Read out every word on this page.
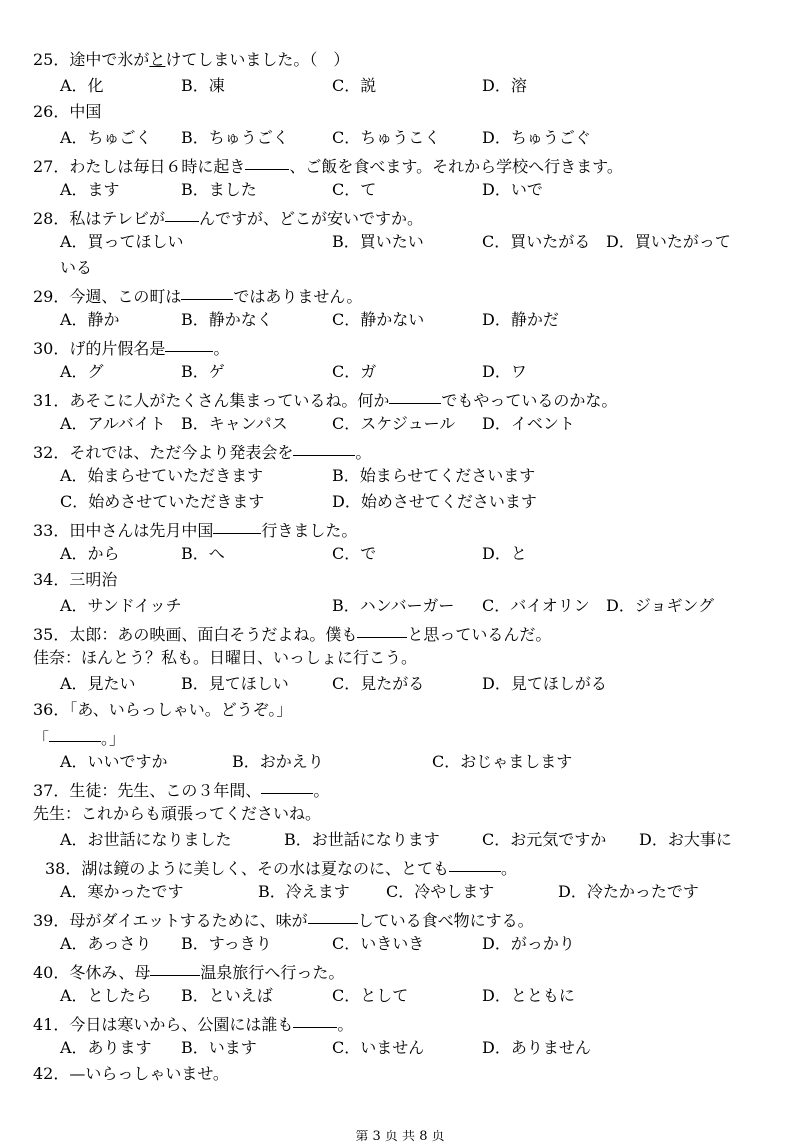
25．途中で氷がとけてしまいました。（　）
A．化	B．凍	C．説	D．溶
26．中国
A．ちゅごく B．ちゅうごく	C．ちゅうこく	D．ちゅうごぐ
27．わたしは毎日６時に起き	、ご飯を食べます。それから学校へ行きます。
A．ます	B．ました	C．て	D．いで
28．私はテレビが んですが、どこが安いですか。
A．買ってほしい	B．買いたい	C．買いたがる D．買いたがって
いる
29．今週、この町は	ではありません。
A．静か	B．静かなく	C．静かない	D．静かだ
30．げ的片假名是	。
A．グ	B．ゲ	C．ガ	D．ワ
31．あそこに人がたくさん集まっているね。何か	でもやっているのかな。
A．アルバイト B．キャンパス	C．スケジュール D．イベント
32．それでは、ただ今より発表会を	。
A．始まらせていただきます	B．始まらせてくださいます
C．始めさせていただきます	D．始めさせてくださいます
33．田中さんは先月中国	行きました。
A．から	B．へ	C．で	D．と
34．三明治
A．サンドイッチ	B．ハンバーガー C．バイオリン D．ジョギング
35．太郎：あの映画、面白そうだよね。僕も	と思っているんだ。
佳奈：ほんとう？私も。日曜日、いっしょに行こう。
A．見たい	B．見てほしい	C．見たがる	D．見てほしがる
36．「あ、いらっしゃい。どうぞ。」
「	。」
A．いいですか	B．おかえり	C．おじゃまします
37．生徒：先生、この３年間、	。
先生：これからも頑張ってくださいね。
A．お世話になりました	B．お世話になります	C．お元気ですか D．お大事に
38．湖は鏡のように美しく、その水は夏なのに、とても	。
A．寒かったです	B．冷えます C．冷やします	D．冷たかったです
39．母がダイエットするために、味が	している食べ物にする。
A．あっさり B．すっきり	C．いきいき	D．がっかり
40．冬休み、母	温泉旅行へ行った。
A．としたら B．といえば	C．として	D．とともに
41．今日は寒いから、公園には誰も	。
A．あります B．います	C．いません	D．ありません
42．—いらっしゃいませ。
第 3 页 共 8 页
